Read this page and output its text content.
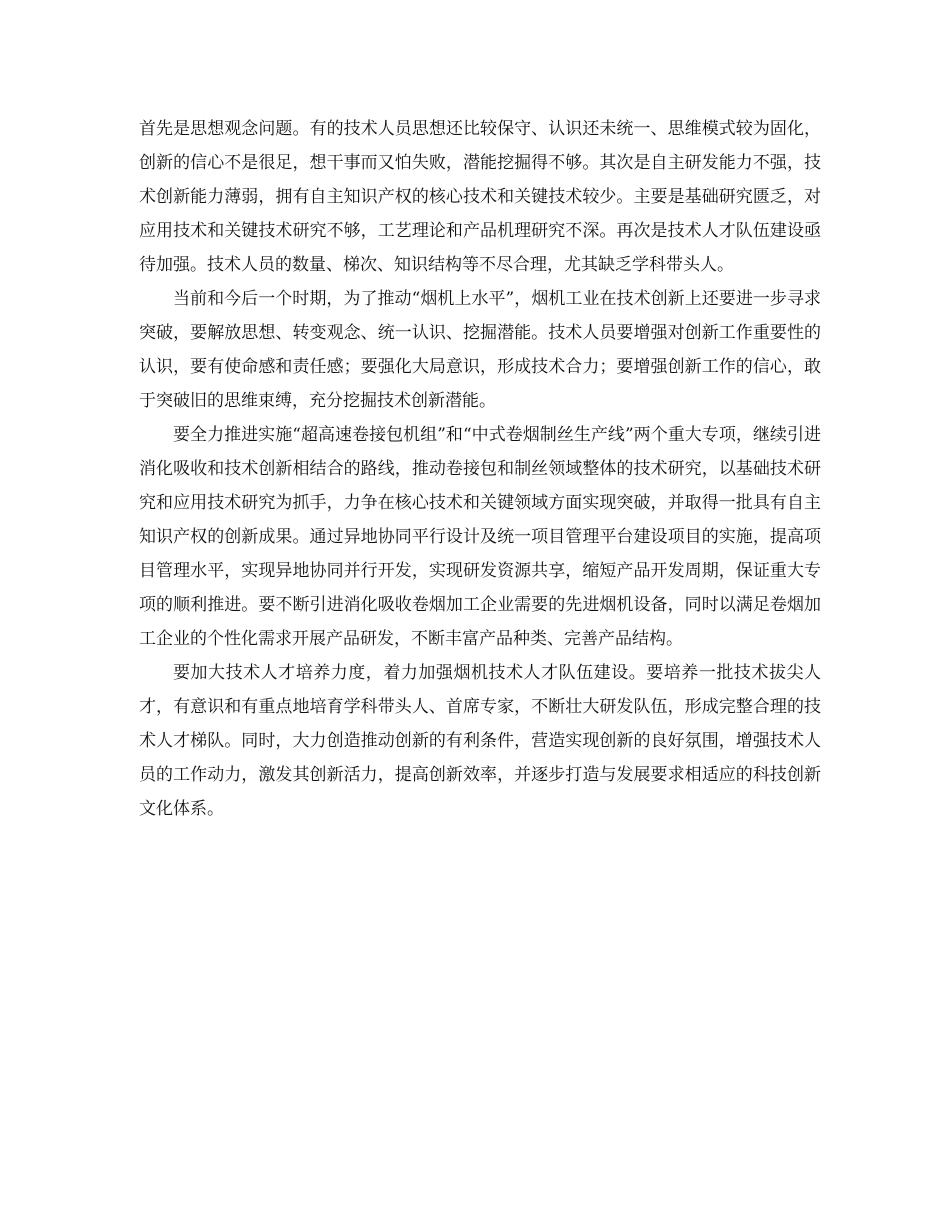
首先是思想观念问题。有的技术人员思想还比较保守、认识还未统一、思维模式较为固化，创新的信心不是很足，想干事而又怕失败，潜能挖掘得不够。其次是自主研发能力不强，技术创新能力薄弱，拥有自主知识产权的核心技术和关键技术较少。主要是基础研究匮乏，对应用技术和关键技术研究不够，工艺理论和产品机理研究不深。再次是技术人才队伍建设亟待加强。技术人员的数量、梯次、知识结构等不尽合理，尤其缺乏学科带头人。

当前和今后一个时期，为了推动“烟机上水平”，烟机工业在技术创新上还要进一步寻求突破，要解放思想、转变观念、统一认识、挖掘潜能。技术人员要增强对创新工作重要性的认识，要有使命感和责任感；要强化大局意识，形成技术合力；要增强创新工作的信心，敢于突破旧的思维束缚，充分挖掘技术创新潜能。

要全力推进实施“超高速卷接包机组”和“中式卷烟制丝生产线”两个重大专项，继续引进消化吸收和技术创新相结合的路线，推动卷接包和制丝领域整体的技术研究，以基础技术研究和应用技术研究为抓手，力争在核心技术和关键领域方面实现突破，并取得一批具有自主知识产权的创新成果。通过异地协同平行设计及统一项目管理平台建设项目的实施，提高项目管理水平，实现异地协同并行开发，实现研发资源共享，缩短产品开发周期，保证重大专项的顺利推进。要不断引进消化吸收卷烟加工企业需要的先进烟机设备，同时以满足卷烟加工企业的个性化需求开展产品研发，不断丰富产品种类、完善产品结构。

要加大技术人才培养力度，着力加强烟机技术人才队伍建设。要培养一批技术拔尖人才，有意识和有重点地培育学科带头人、首席专家，不断壮大研发队伍，形成完整合理的技术人才梯队。同时，大力创造推动创新的有利条件，营造实现创新的良好氛围，增强技术人员的工作动力，激发其创新活力，提高创新效率，并逐步打造与发展要求相适应的科技创新文化体系。
